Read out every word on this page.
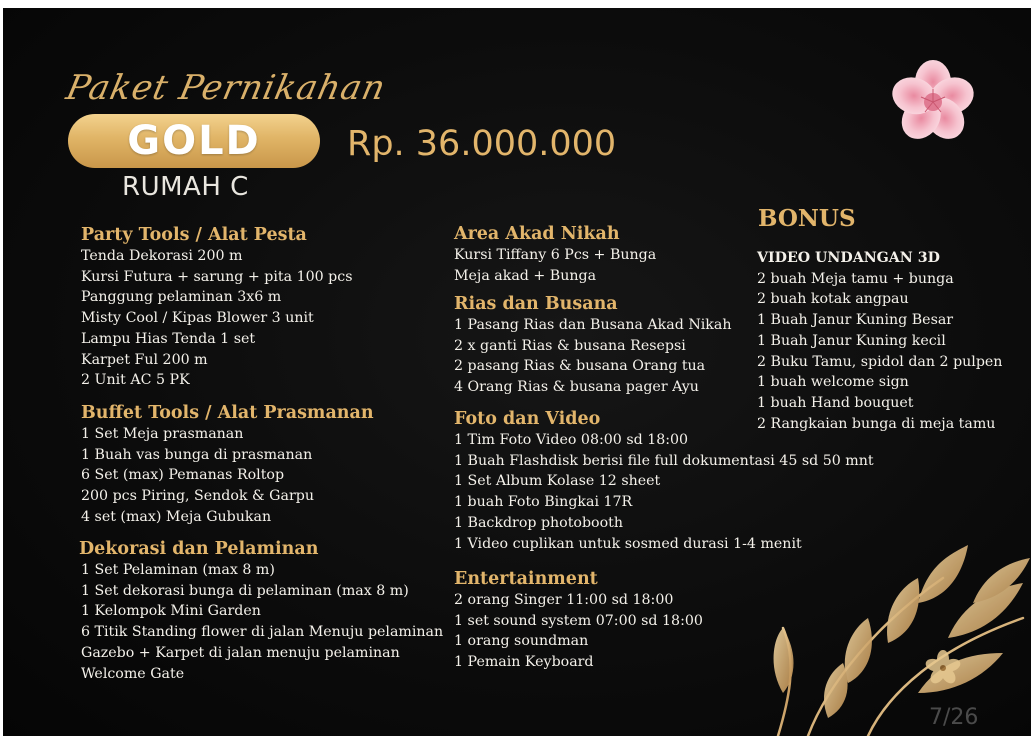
Paket Pernikahan
GOLD Rp. 36.000.000
RUMAH C
Party Tools / Alat Pesta
Tenda Dekorasi 200 m
Kursi Futura + sarung + pita 100 pcs
Panggung pelaminan 3x6 m
Misty Cool / Kipas Blower 3 unit
Lampu Hias Tenda 1 set
Karpet Ful 200 m
2 Unit AC 5 PK
Buffet Tools / Alat Prasmanan
1 Set Meja prasmanan
1 Buah vas bunga di prasmanan
6 Set (max) Pemanas Roltop
200 pcs Piring, Sendok & Garpu
4 set (max) Meja Gubukan
Dekorasi dan Pelaminan
1 Set Pelaminan (max 8 m)
1 Set dekorasi bunga di pelaminan (max 8 m)
1 Kelompok Mini Garden
6 Titik Standing flower di jalan Menuju pelaminan
Gazebo + Karpet di jalan menuju pelaminan
Welcome Gate
Area Akad Nikah
Kursi Tiffany 6 Pcs + Bunga
Meja akad + Bunga
Rias dan Busana
1 Pasang Rias dan Busana Akad Nikah
2 x ganti Rias & busana Resepsi
2 pasang Rias & busana Orang tua
4 Orang Rias & busana pager Ayu
Foto dan Video
1 Tim Foto Video 08:00 sd 18:00
1 Buah Flashdisk berisi file full dokumentasi 45 sd 50 mnt
1 Set Album Kolase 12 sheet
1 buah Foto Bingkai 17R
1 Backdrop photobooth
1 Video cuplikan untuk sosmed durasi 1-4 menit
Entertainment
2 orang Singer 11:00 sd 18:00
1 set sound system 07:00 sd 18:00
1 orang soundman
1 Pemain Keyboard
BONUS

VIDEO UNDANGAN 3D

2 buah Meja tamu + bunga
2 buah kotak angpau
1 Buah Janur Kuning Besar
1 Buah Janur Kuning kecil
2 Buku Tamu, spidol dan 2 pulpen
1 buah welcome sign
1 buah Hand bouquet
2 Rangkaian bunga di meja tamu
7/26
